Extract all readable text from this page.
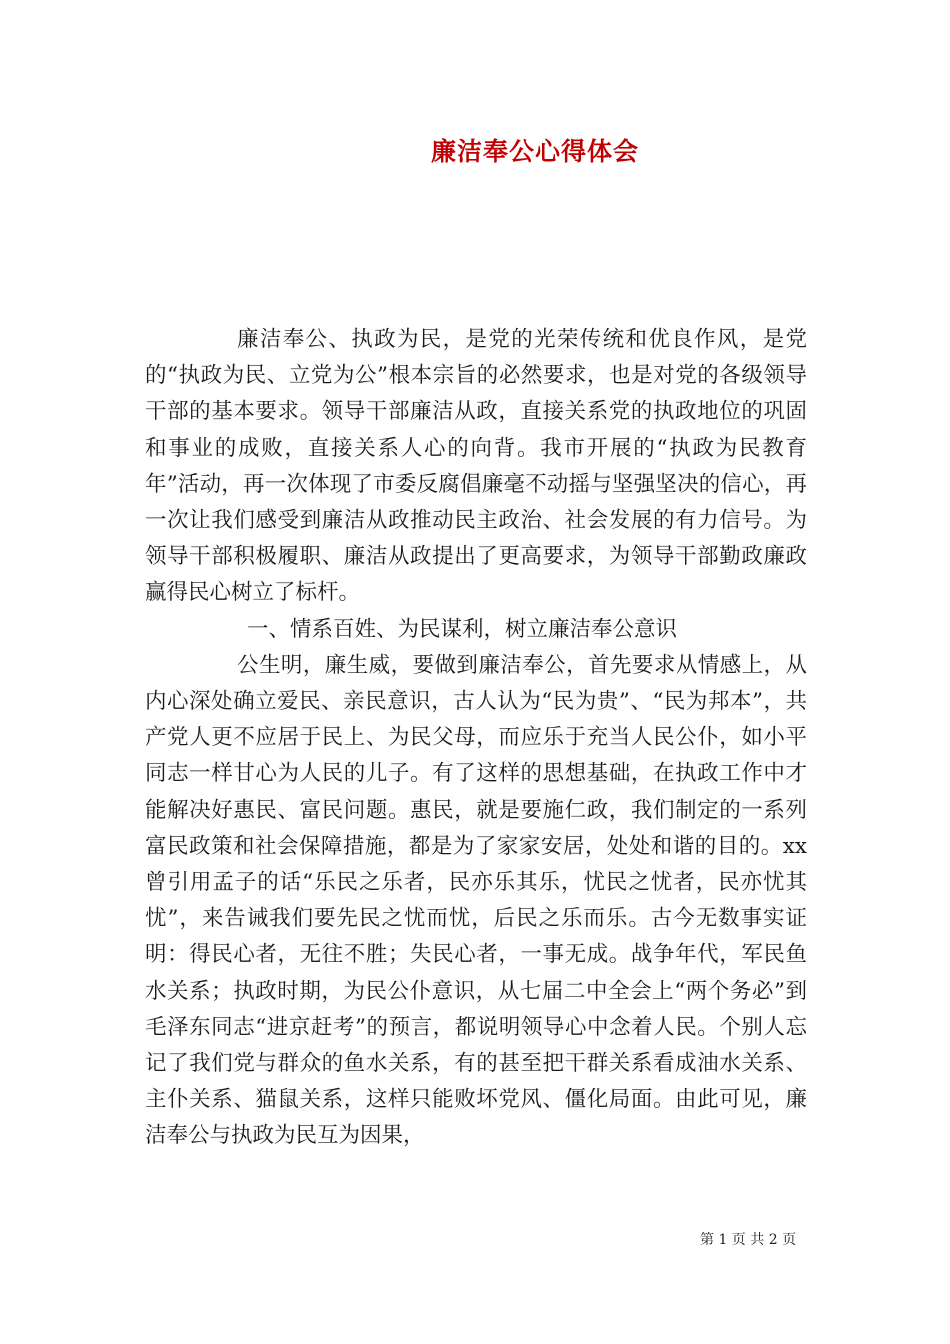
廉洁奉公心得体会

廉洁奉公、执政为民，是党的光荣传统和优良作风，是党的“执政为民、立党为公”根本宗旨的必然要求，也是对党的各级领导干部的基本要求。领导干部廉洁从政，直接关系党的执政地位的巩固和事业的成败，直接关系人心的向背。我市开展的“执政为民教育年”活动，再一次体现了市委反腐倡廉毫不动摇与坚强坚决的信心，再一次让我们感受到廉洁从政推动民主政治、社会发展的有力信号。为领导干部积极履职、廉洁从政提出了更高要求，为领导干部勤政廉政赢得民心树立了标杆。

一、情系百姓、为民谋利，树立廉洁奉公意识

公生明，廉生威，要做到廉洁奉公，首先要求从情感上，从内心深处确立爱民、亲民意识，古人认为“民为贵”、“民为邦本”，共产党人更不应居于民上、为民父母，而应乐于充当人民公仆，如小平同志一样甘心为人民的儿子。有了这样的思想基础，在执政工作中才能解决好惠民、富民问题。惠民，就是要施仁政，我们制定的一系列富民政策和社会保障措施，都是为了家家安居，处处和谐的目的。xx曾引用孟子的话“乐民之乐者，民亦乐其乐，忧民之忧者，民亦忧其忧”，来告诫我们要先民之忧而忧，后民之乐而乐。古今无数事实证明：得民心者，无往不胜；失民心者，一事无成。战争年代，军民鱼水关系；执政时期，为民公仆意识，从七届二中全会上“两个务必”到毛泽东同志“进京赶考”的预言，都说明领导心中念着人民。个别人忘记了我们党与群众的鱼水关系，有的甚至把干群关系看成油水关系、主仆关系、猫鼠关系，这样只能败坏党风、僵化局面。由此可见，廉洁奉公与执政为民互为因果，

第 1 页 共 2 页
